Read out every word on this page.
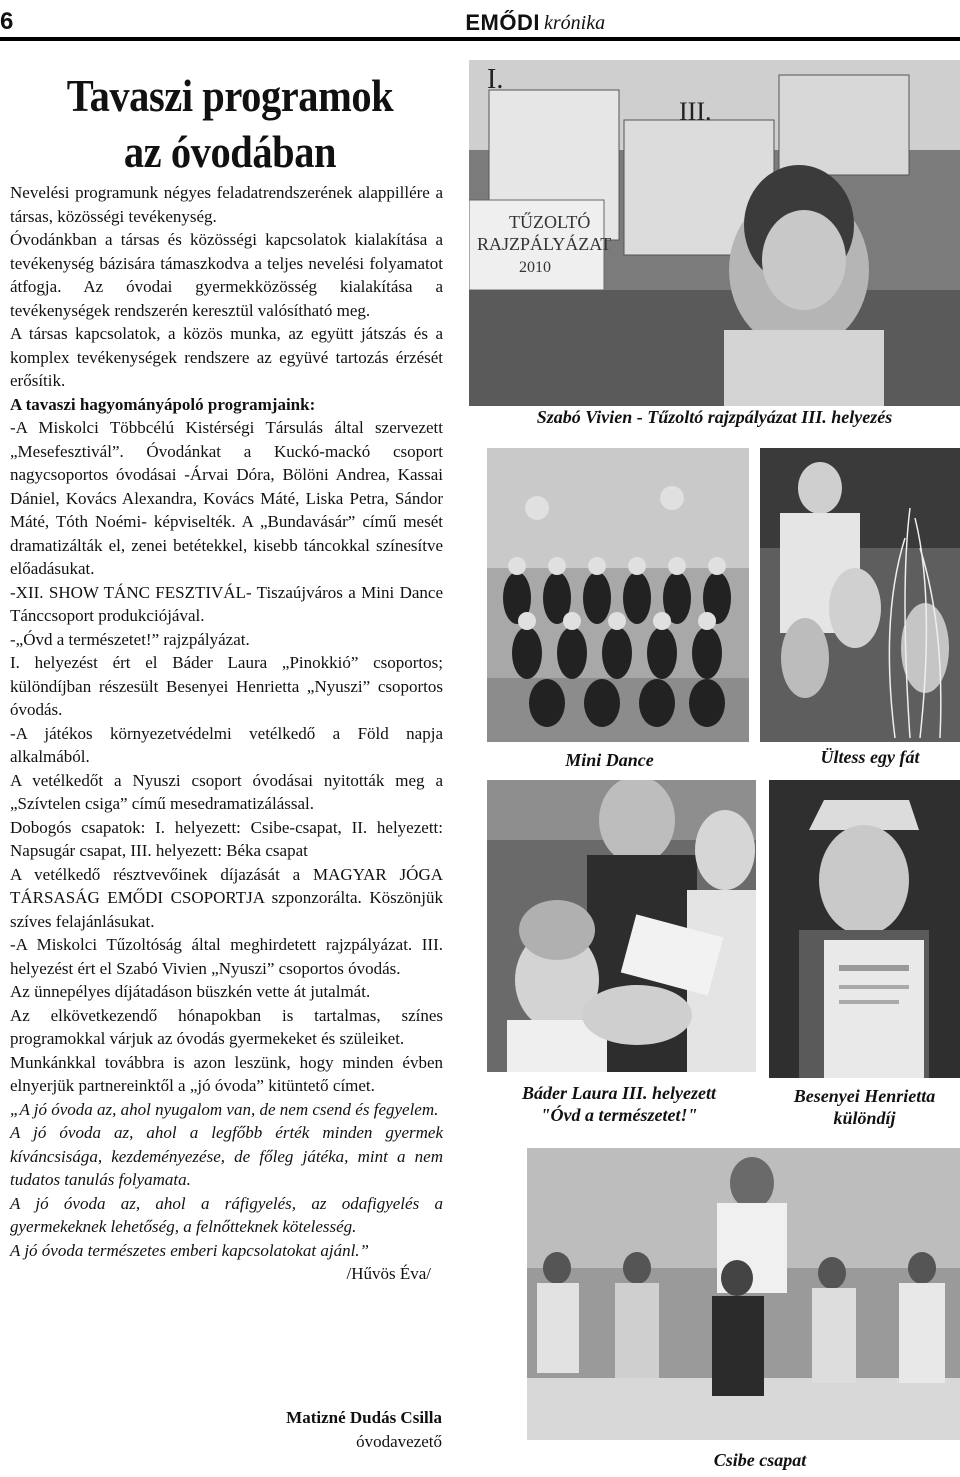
6	EMŐDI krónika
Tavaszi programok
az óvodában

Nevelési programunk négyes feladatrendszerének alappillére a társas, közösségi tevékenység.

Óvodánkban a társas és közösségi kapcsolatok kialakítása a tevékenység bázisára támaszkodva a teljes nevelési folyamatot átfogja. Az óvodai gyermekközösség kialakítása a tevékenységek rendszerén keresztül valósítható meg.

A társas kapcsolatok, a közös munka, az együtt játszás és a komplex tevékenységek rendszere az együvé tartozás érzését erősítik.

A tavaszi hagyományápoló programjaink:

-A Miskolci Többcélú Kistérségi Társulás által szervezett „Mesefesztivál”. Óvodánkat a Kuckó-mackó csoport nagycsoportos óvodásai -Árvai Dóra, Bölöni Andrea, Kassai Dániel, Kovács Alexandra, Kovács Máté, Liska Petra, Sándor Máté, Tóth Noémi- képviselték. A „Bundavásár” című mesét dramatizálták el, zenei betétekkel, kisebb táncokkal színesítve előadásukat.

-XII. SHOW TÁNC FESZTIVÁL- Tiszaújváros a Mini Dance Tánccsoport produkciójával.

-„Óvd a természetet!” rajzpályázat.

I. helyezést ért el Báder Laura „Pinokkió” csoportos; különdíjban részesült Besenyei Henrietta „Nyuszi” csoportos óvodás.

-A játékos környezetvédelmi vetélkedő a Föld napja alkalmából.

A vetélkedőt a Nyuszi csoport óvodásai nyitották meg a „Szívtelen csiga” című mesedramatizálással.

Dobogós csapatok: I. helyezett: Csibe-csapat, II. helyezett: Napsugár csapat, III. helyezett: Béka csapat

A vetélkedő résztvevőinek díjazását a MAGYAR JÓGA TÁRSASÁG EMŐDI CSOPORTJA szponzorálta. Köszönjük szíves felajánlásukat.

-A Miskolci Tűzoltóság által meghirdetett rajzpályázat. III. helyezést ért el Szabó Vivien „Nyuszi” csoportos óvodás.

Az ünnepélyes díjátadáson büszkén vette át jutalmát.

Az elkövetkezendő hónapokban is tartalmas, színes programokkal várjuk az óvodás gyermekeket és szüleiket.

Munkánkkal továbbra is azon leszünk, hogy minden évben elnyerjük partnereinktől a „jó óvoda” kitüntető címet.

„A jó óvoda az, ahol nyugalom van, de nem csend és fegyelem.

A jó óvoda az, ahol a legfőbb érték minden gyermek kíváncsisága, kezdeményezése, de főleg játéka, mint a nem tudatos tanulás folyamata.

A jó óvoda az, ahol a ráfigyelés, az odafigyelés a gyermekeknek lehetőség, a felnőtteknek kötelesség.

A jó óvoda természetes emberi kapcsolatokat ajánl.”

/Hűvös Éva/

Matizné Dudás Csilla
óvodavezető
I.
III.
TŰZOLTÓ
RAJZPÁLYÁZAT
2010
Szabó Vivien - Tűzoltó rajzpályázat III. helyezés
Mini Dance	Ültess egy fát
Báder Laura III. helyezett
"Óvd a természetet!"
Besenyei Henrietta
különdíj
Csibe csapat
